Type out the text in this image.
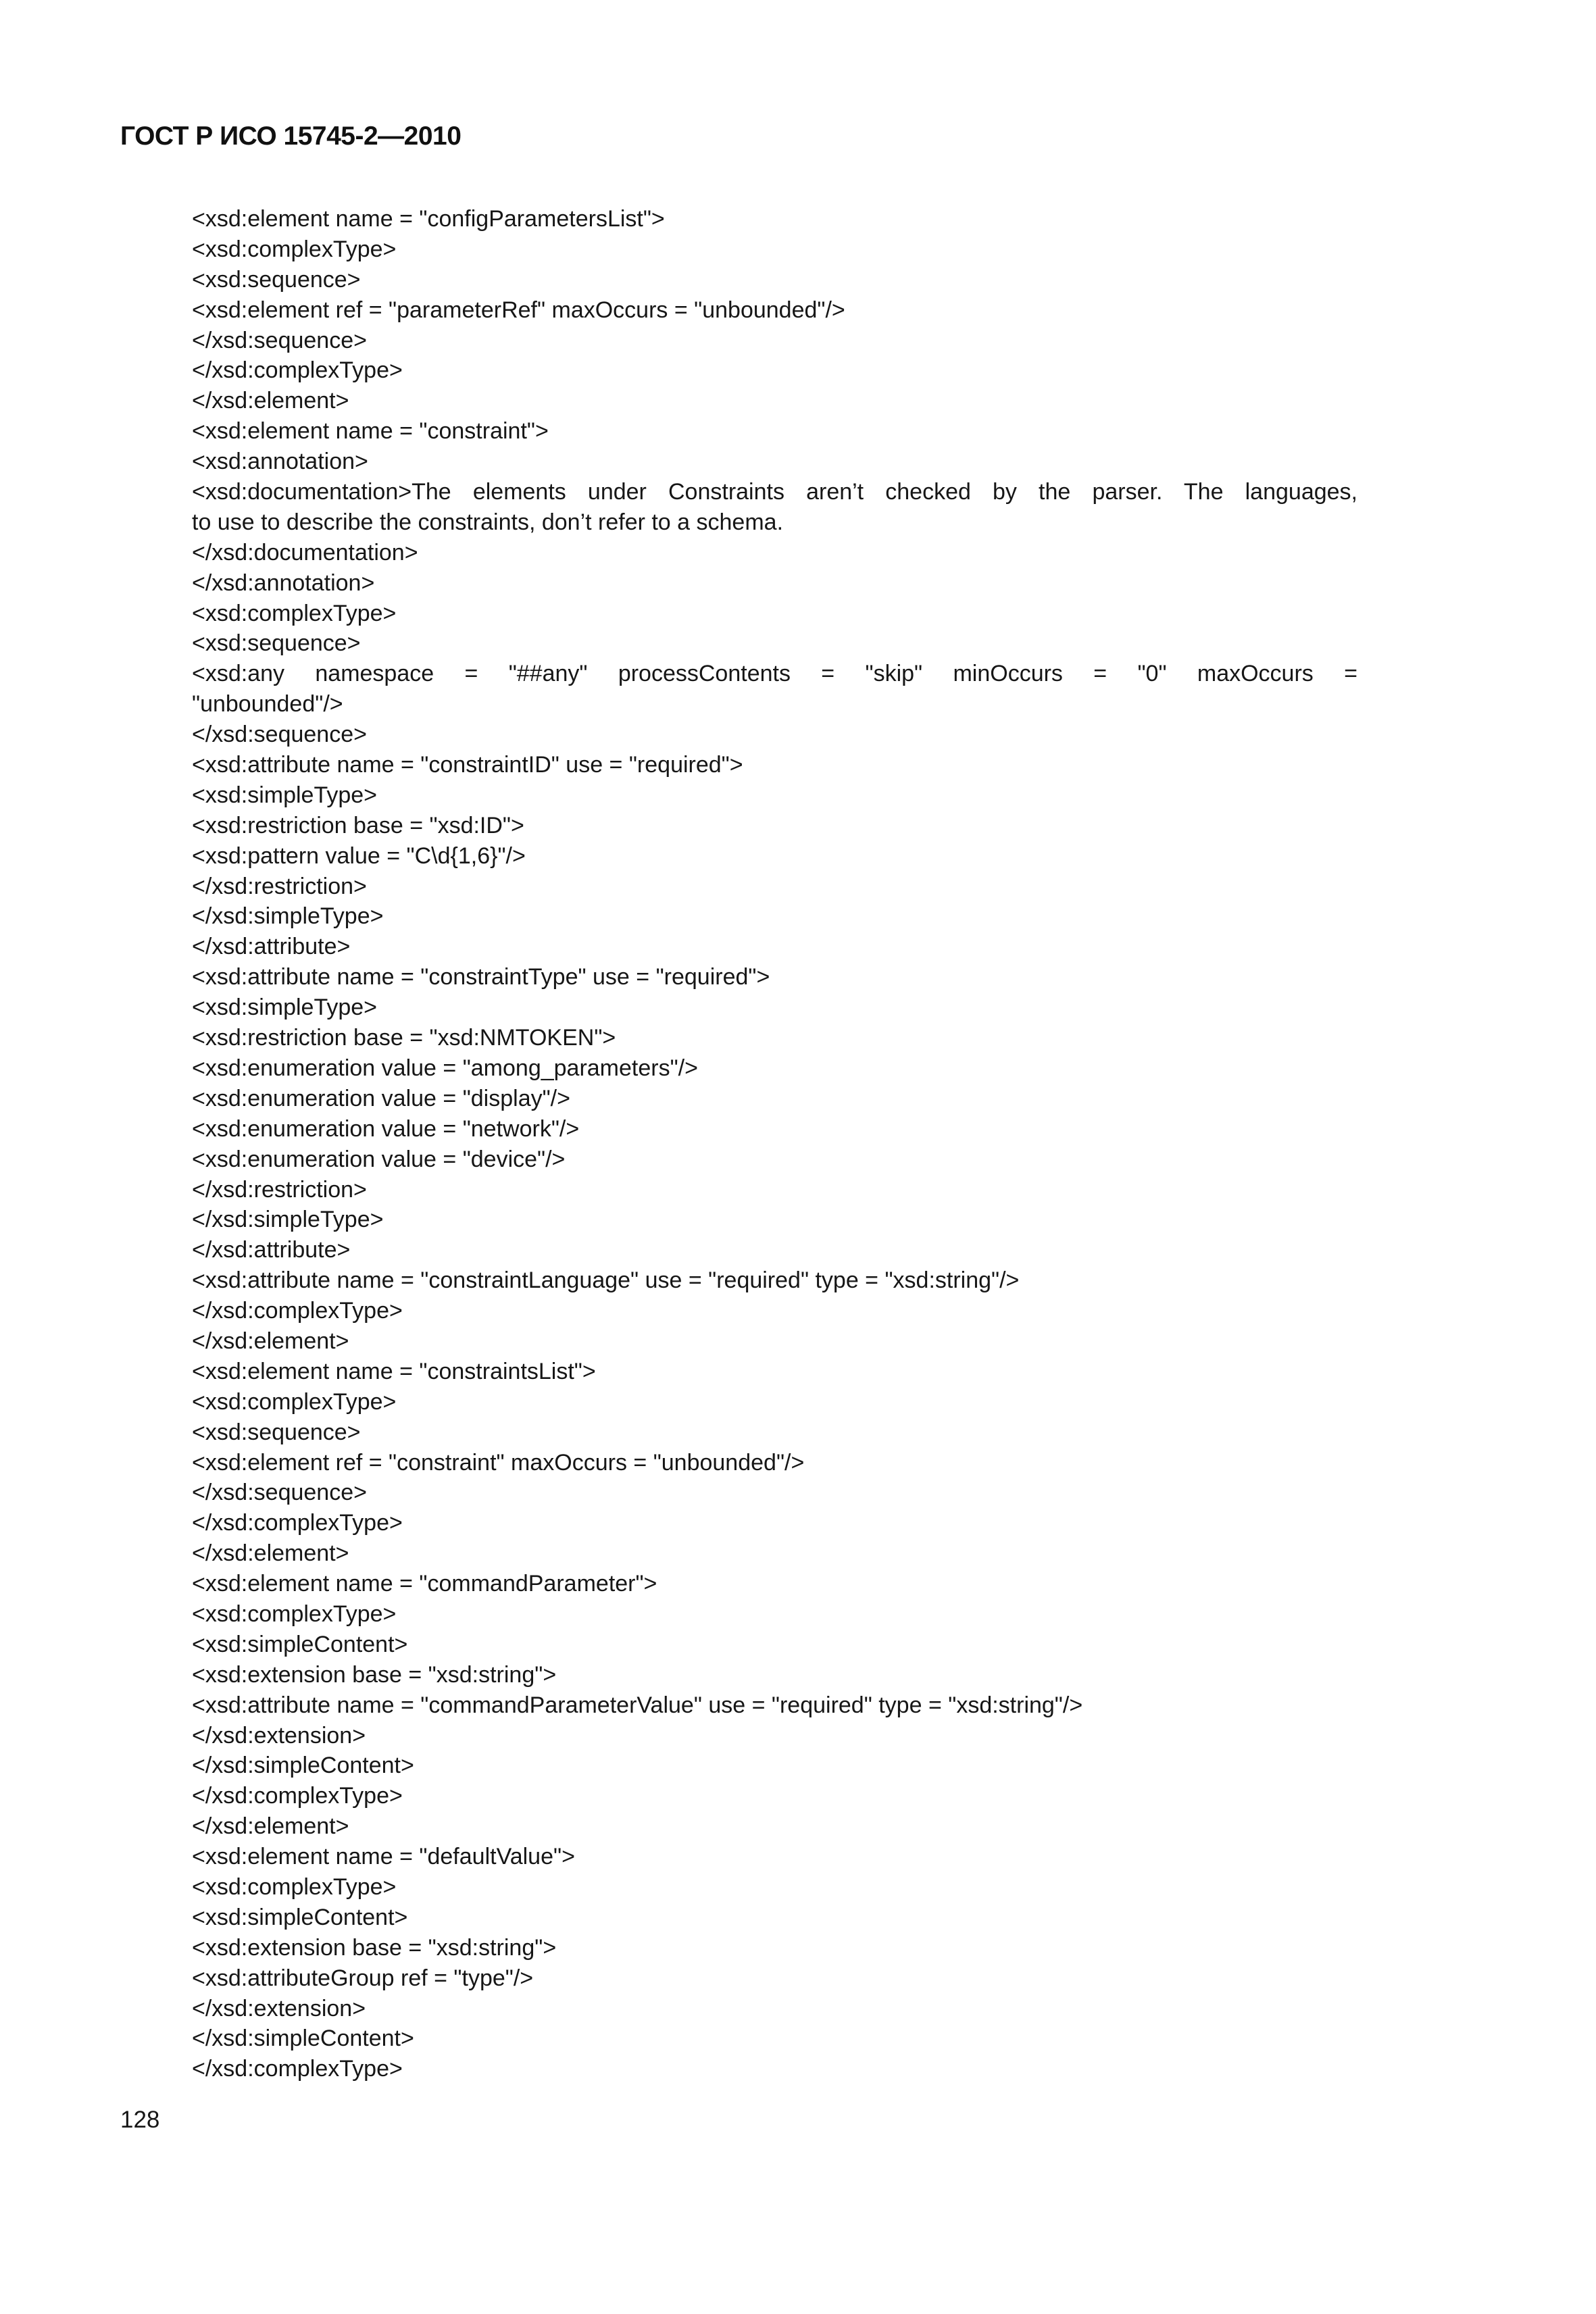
ГОСТ Р ИСО 15745-2—2010
<xsd:element name = "configParametersList">
<xsd:complexType>
<xsd:sequence>
<xsd:element ref = "parameterRef" maxOccurs = "unbounded"/>
</xsd:sequence>
</xsd:complexType>
</xsd:element>
<xsd:element name = "constraint">
<xsd:annotation>
<xsd:documentation>The elements under Constraints aren’t checked by the parser. The languages,
to use to describe the constraints, don’t refer to a schema.
</xsd:documentation>
</xsd:annotation>
<xsd:complexType>
<xsd:sequence>
<xsd:any namespace = "##any" processContents = "skip" minOccurs = "0" maxOccurs =
"unbounded"/>
</xsd:sequence>
<xsd:attribute name = "constraintID" use = "required">
<xsd:simpleType>
<xsd:restriction base = "xsd:ID">
<xsd:pattern value = "C\d{1,6}"/>
</xsd:restriction>
</xsd:simpleType>
</xsd:attribute>
<xsd:attribute name = "constraintType" use = "required">
<xsd:simpleType>
<xsd:restriction base = "xsd:NMTOKEN">
<xsd:enumeration value = "among_parameters"/>
<xsd:enumeration value = "display"/>
<xsd:enumeration value = "network"/>
<xsd:enumeration value = "device"/>
</xsd:restriction>
</xsd:simpleType>
</xsd:attribute>
<xsd:attribute name = "constraintLanguage" use = "required" type = "xsd:string"/>
</xsd:complexType>
</xsd:element>
<xsd:element name = "constraintsList">
<xsd:complexType>
<xsd:sequence>
<xsd:element ref = "constraint" maxOccurs = "unbounded"/>
</xsd:sequence>
</xsd:complexType>
</xsd:element>
<xsd:element name = "commandParameter">
<xsd:complexType>
<xsd:simpleContent>
<xsd:extension base = "xsd:string">
<xsd:attribute name = "commandParameterValue" use = "required" type = "xsd:string"/>
</xsd:extension>
</xsd:simpleContent>
</xsd:complexType>
</xsd:element>
<xsd:element name = "defaultValue">
<xsd:complexType>
<xsd:simpleContent>
<xsd:extension base = "xsd:string">
<xsd:attributeGroup ref = "type"/>
</xsd:extension>
</xsd:simpleContent>
</xsd:complexType>
128
